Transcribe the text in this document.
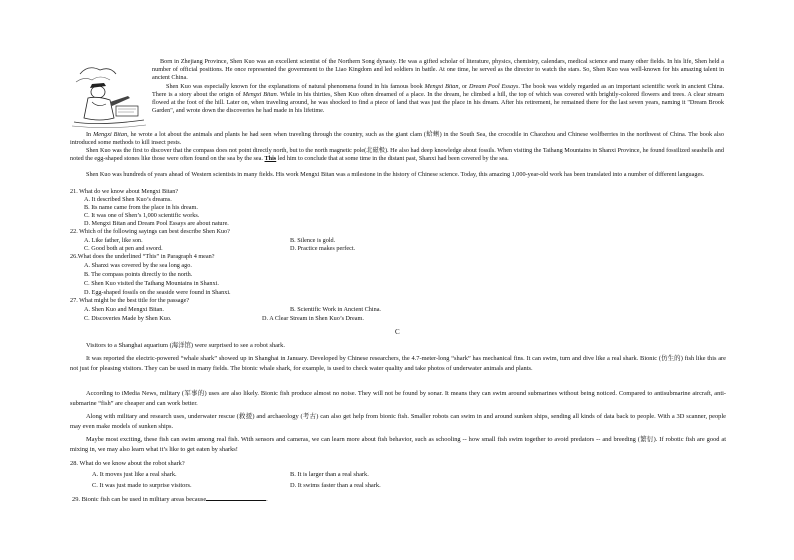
Born in Zhejiang Province, Shen Kuo was an excellent scientist of the Northern Song dynasty. He was a gifted scholar of literature, physics, chemistry, calendars, medical science and many other fields. In his life, Shen held a number of official positions. He once represented the government to the Liao Kingdom and led soldiers in battle. At one time, he served as the director to watch the stars. So, Shen Kuo was well-known for his amazing talent in ancient China.
Shen Kuo was especially known for the explanations of natural phenomena found in his famous book Mengxi Bitan, or Dream Pool Essays. The book was widely regarded as an important scientific work in ancient China. There is a story about the origin of Mengxi Bitan. While in his thirties, Shen Kuo often dreamed of a place. In the dream, he climbed a hill, the top of which was covered with brightly-colored flowers and trees. A clear stream flowed at the foot of the hill. Later on, when traveling around, he was shocked to find a piece of land that was just the place in his dream. After his retirement, he remained there for the last seven years, naming it "Dream Brook Garden", and wrote down the discoveries he had made in his lifetime.
In Mengxi Bitan, he wrote a lot about the animals and plants he had seen when traveling through the country, such as the giant clam (蛤蜊) in the South Sea, the crocodile in Chaozhou and Chinese wolfberries in the northwest of China. The book also introduced some methods to kill insect pests.
Shen Kuo was the first to discover that the compass does not point directly north, but to the north magnetic pole(北磁极). He also had deep knowledge about fossils. When visiting the Taihang Mountains in Shanxi Province, he found fossilized seashells and noted the egg-shaped stones like those were often found on the sea by the sea. This led him to conclude that at some time in the distant past, Shanxi had been covered by the sea.
Shen Kuo was hundreds of years ahead of Western scientists in many fields. His work Mengxi Bitan was a milestone in the history of Chinese science. Today, this amazing 1,000-year-old work has been translated into a number of different languages.
21. What do we know about Mengxi Bitan?
A. It described Shen Kuo’s dreams.
B. Its name came from the place in his dream.
C. It was one of Shen’s 1,000 scientific works.
D. Mengxi Bitan and Dream Pool Essays are about nature.
22. Which of the following sayings can best describe Shen Kuo?
A. Like father, like son.	B. Silence is gold.
C. Good both at pen and sword.	D. Practice makes perfect.
26.What does the underlined “This” in Paragraph 4 mean?
A. Shanxi was covered by the sea long ago.
B. The compass points directly to the north.
C. Shen Kuo visited the Taihang Mountains in Shanxi.
D. Egg-shaped fossils on the seaside were found in Shanxi.
27. What might be the best title for the passage?
A. Shen Kuo and Mengxi Bitan.	B. Scientific Work in Ancient China.
C. Discoveries Made by Shen Kuo.	D. A Clear Stream in Shen Kuo’s Dream.
C
Visitors to a Shanghai aquarium (海洋馆) were surprised to see a robot shark.
It was reported the electric-powered “whale shark” showed up in Shanghai in January. Developed by Chinese researchers, the 4.7-meter-long “shark” has mechanical fins. It can swim, turn and dive like a real shark. Bionic (仿生的) fish like this are not just for pleasing visitors. They can be used in many fields. The bionic whale shark, for example, is used to check water quality and take photos of underwater animals and plants.
According to iMedia News, military (军事的) uses are also likely. Bionic fish produce almost no noise. They will not be found by sonar. It means they can swim around submarines without being noticed. Compared to antisubmarine aircraft, anti-submarine “fish” are cheaper and can work better.
Along with military and research uses, underwater rescue (救援) and archaeology (考古) can also get help from bionic fish. Smaller robots can swim in and around sunken ships, sending all kinds of data back to people. With a 3D scanner, people may even make models of sunken ships.
Maybe most exciting, these fish can swim among real fish. With sensors and cameras, we can learn more about fish behavior, such as schooling -- how small fish swim together to avoid predators -- and breeding (繁衍). If robotic fish are good at mixing in, we may also learn what it’s like to get eaten by sharks!
28. What do we know about the robot shark?
A. It moves just like a real shark.	B. It is larger than a real shark.
C. It was just made to surprise visitors.	D. It swims faster than a real shark.
29. Bionic fish can be used in military areas because	.
